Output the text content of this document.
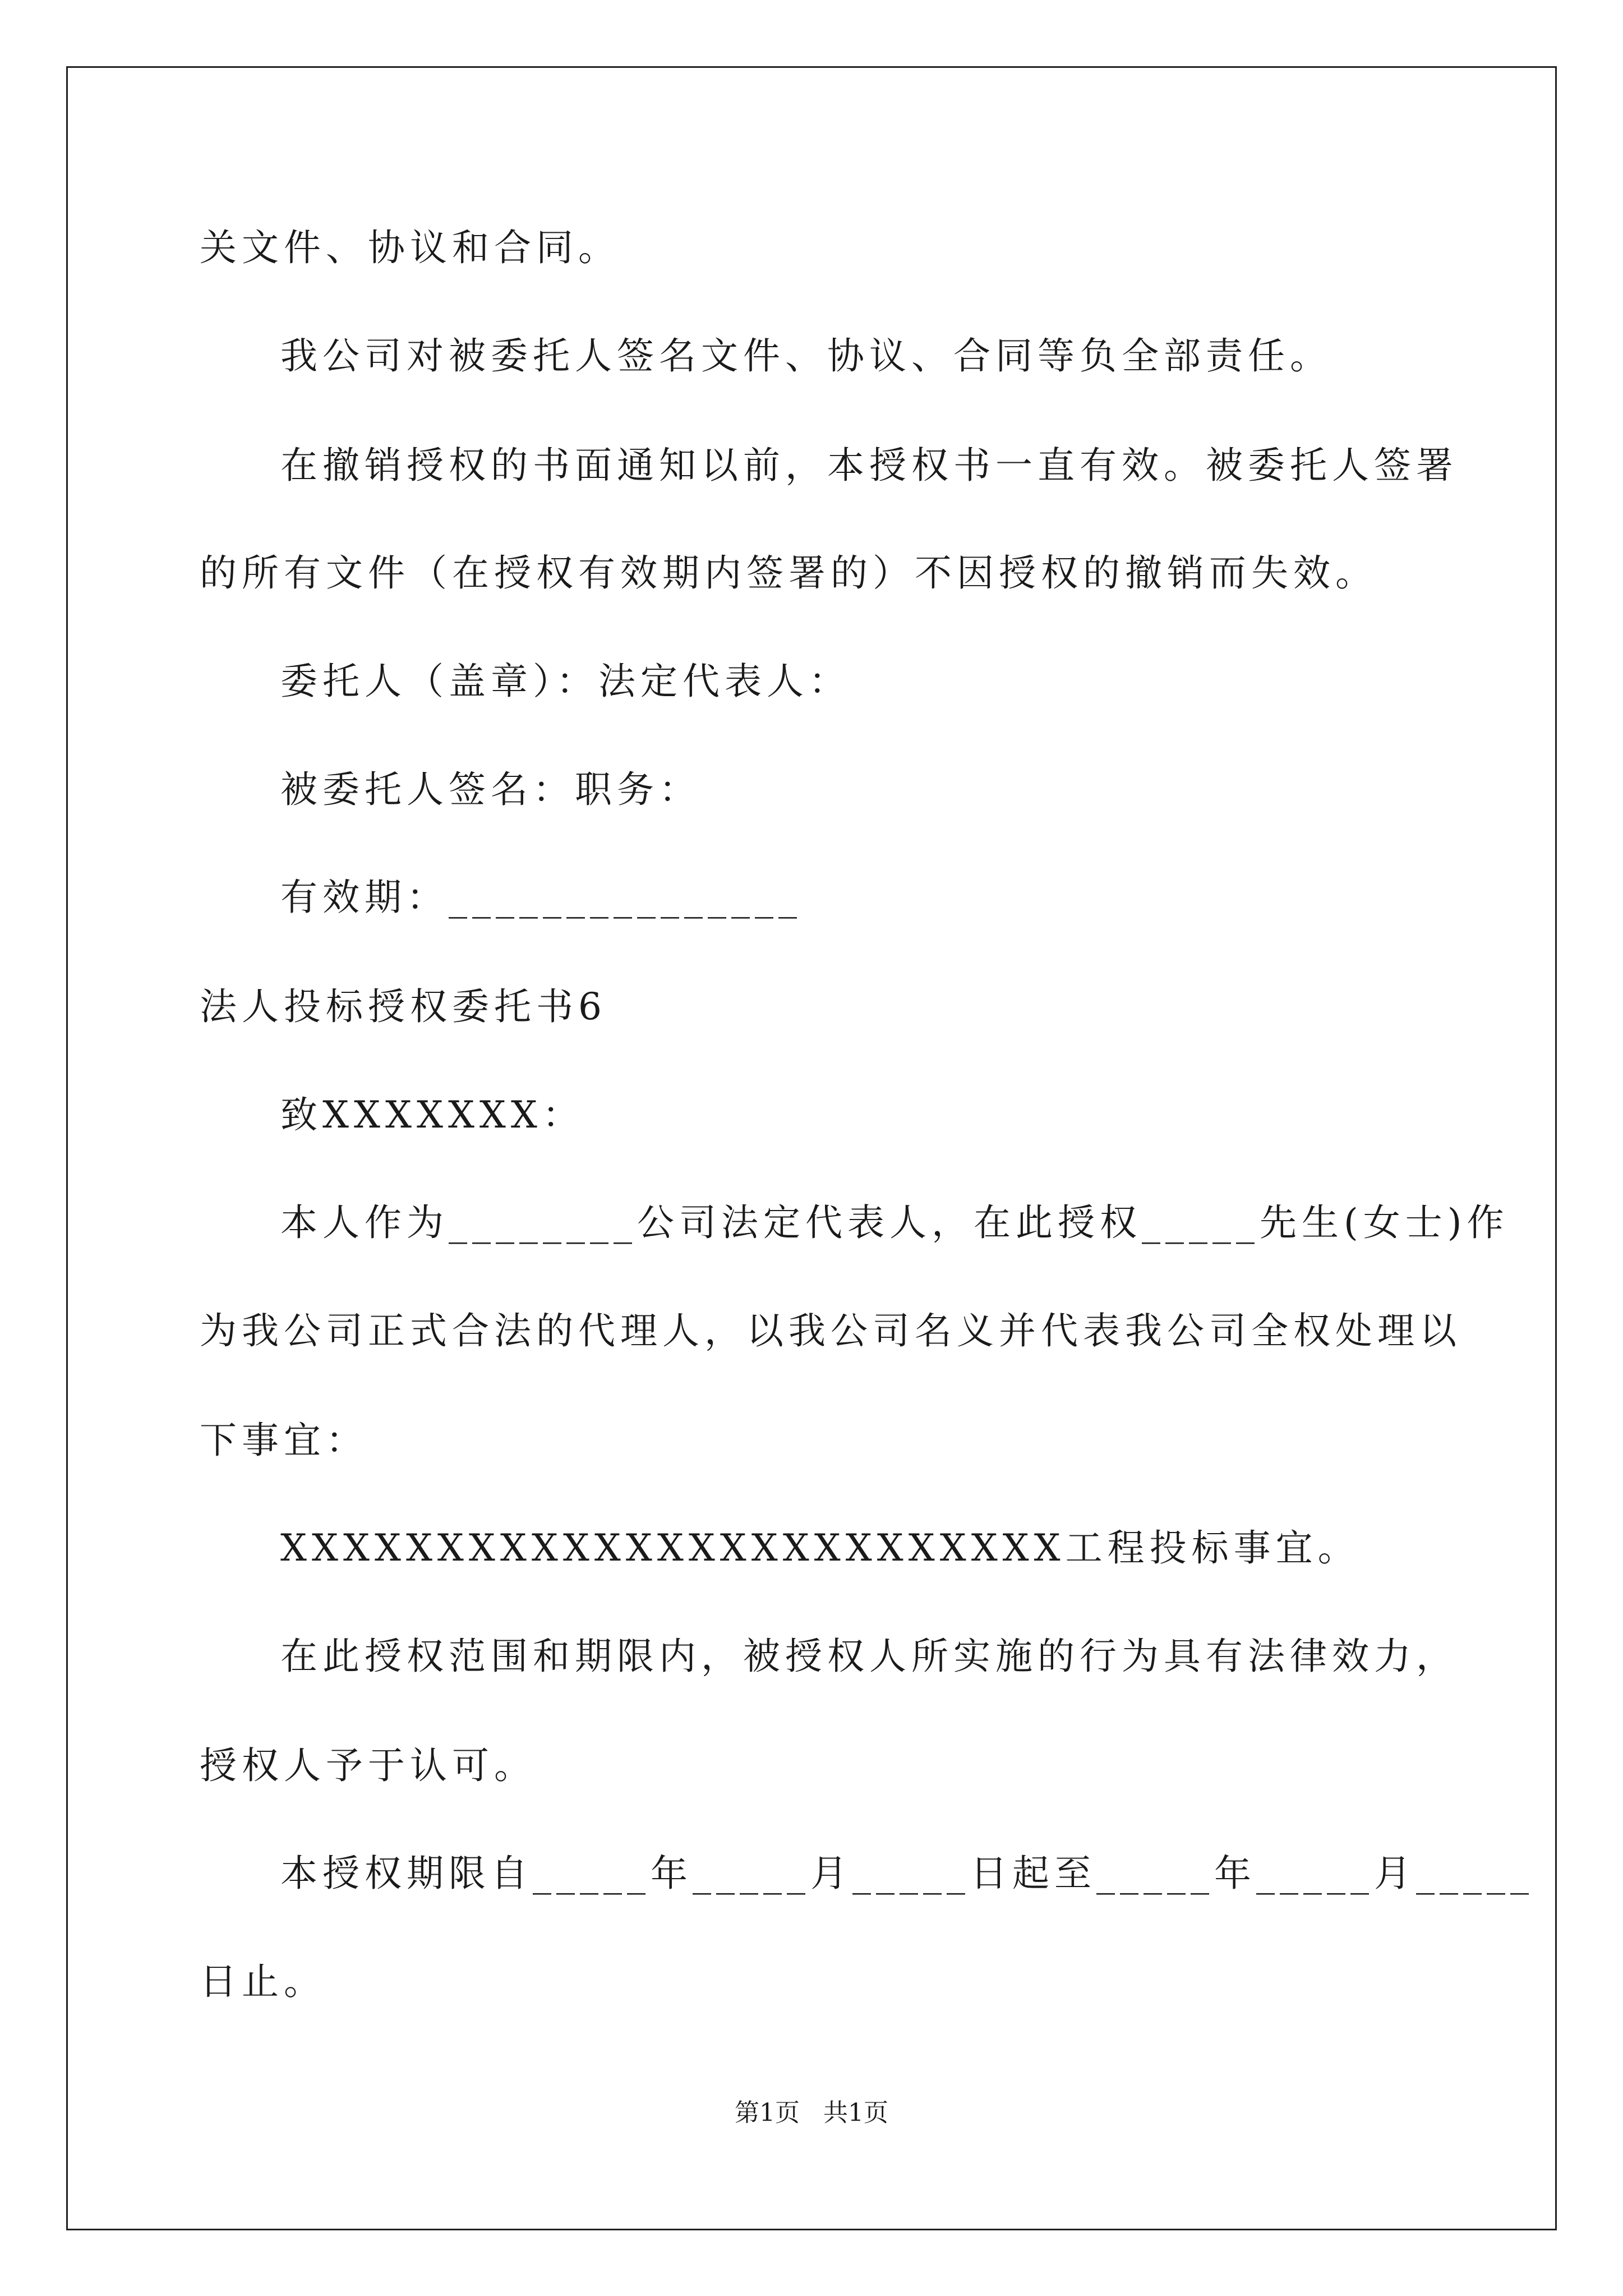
关文件、协议和合同。
我公司对被委托人签名文件、协议、合同等负全部责任。
在撤销授权的书面通知以前，本授权书一直有效。被委托人签署
的所有文件（在授权有效期内签署的）不因授权的撤销而失效。
委托人（盖章）：法定代表人：
被委托人签名：职务：
有效期：_______________
法人投标授权委托书6
致XXXXXXX：
本人作为________公司法定代表人，在此授权_____先生(女士)作
为我公司正式合法的代理人，以我公司名义并代表我公司全权处理以
下事宜：
XXXXXXXXXXXXXXXXXXXXXXXXX工程投标事宜。
在此授权范围和期限内，被授权人所实施的行为具有法律效力，
授权人予于认可。
本授权期限自_____年_____月_____日起至_____年_____月_____
日止。
第1页   共1页
